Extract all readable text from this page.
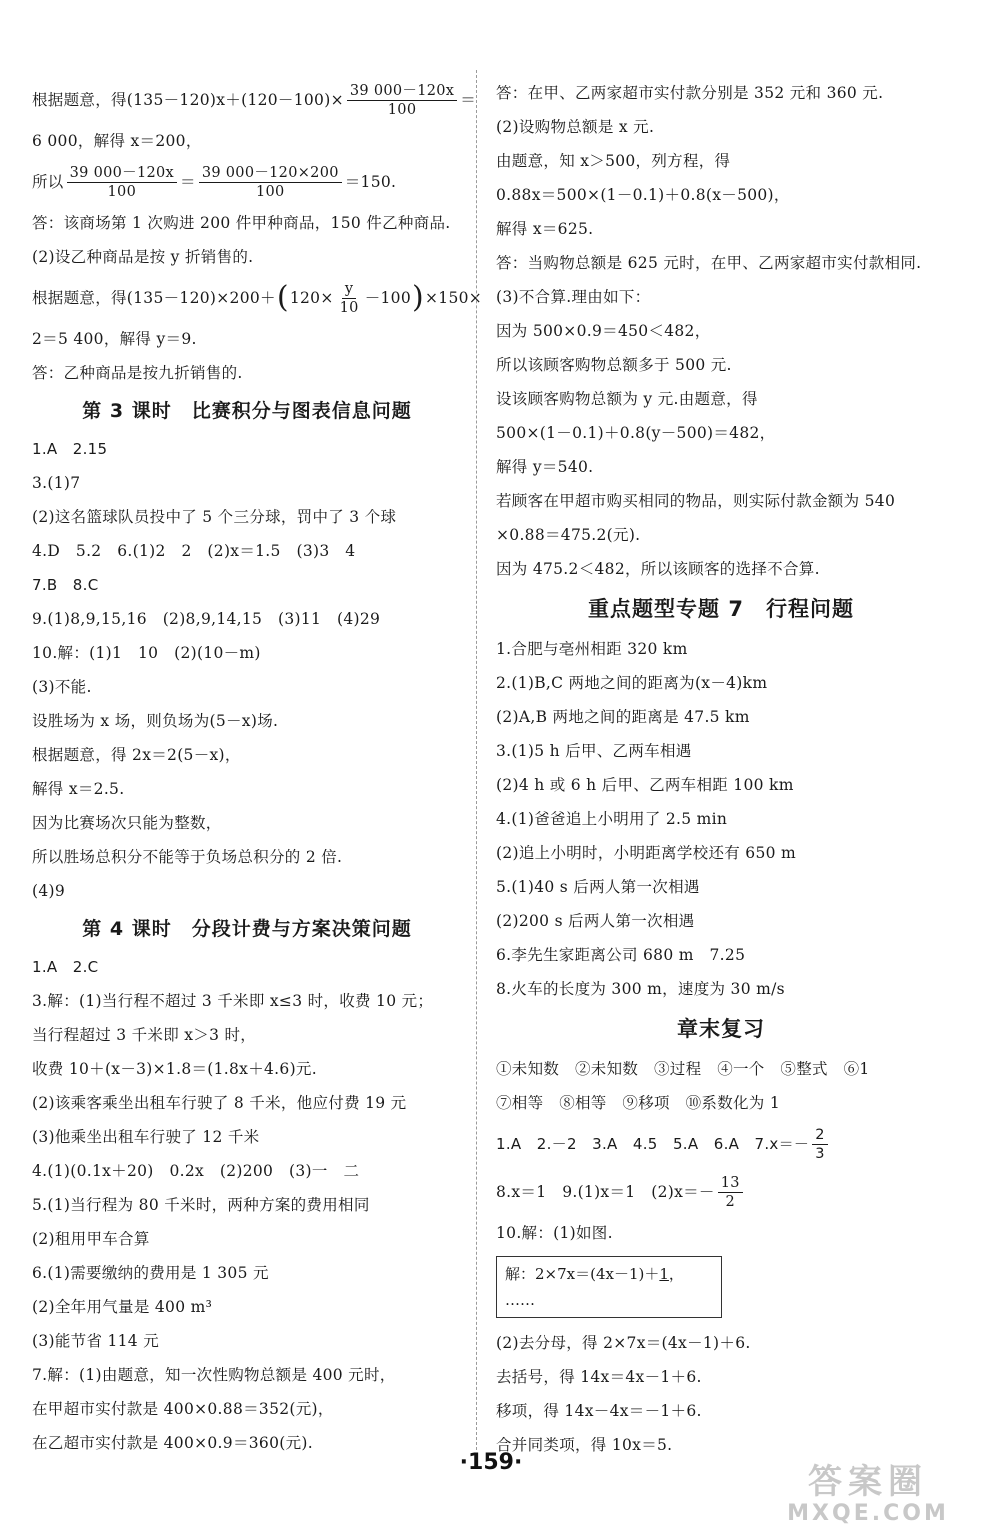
根据题意，得$(135-120)x+(120-100)\times \frac{39 000-120x}{100}$ ＝
6 000，解得 x＝200，
所以 $\frac{39 000-120x}{100} = \frac{39 000-120\times 200}{100} =150$.
答：该商场第 1 次购进 200 件甲种商品，150 件乙种商品.
(2)设乙种商品是按 y 折销售的.
根据题意，得(135－120)×200＋ ( $120\times \frac{y}{10} -100$ ) ×150×
2＝5 400，解得 y＝9.
答：乙种商品是按九折销售的.
第 3 课时　比赛积分与图表信息问题
1.A　2.15
3.(1)7
(2)这名篮球队员投中了 5 个三分球，罚中了 3 个球
4.D　5.2　6.(1)2　2　(2)x＝1.5　(3)3　4
7.B　8.C
9.(1)8,9,15,16　(2)8,9,14,15　(3)11　(4)29
10.解：(1)1　10　(2)(10－m)
(3)不能.
设胜场为 x 场，则负场为(5－x)场.
根据题意，得 2x＝2(5－x)，
解得 x＝2.5.
因为比赛场次只能为整数，
所以胜场总积分不能等于负场总积分的 2 倍.
(4)9
第 4 课时　分段计费与方案决策问题
1.A　2.C
3.解：(1)当行程不超过 3 千米即 x≤3 时，收费 10 元；
当行程超过 3 千米即 x＞3 时，
收费 10＋(x－3)×1.8＝(1.8x＋4.6)元.
(2)该乘客乘坐出租车行驶了 8 千米，他应付费 19 元
(3)他乘坐出租车行驶了 12 千米
4.(1)(0.1x＋20)　0.2x　(2)200　(3)一　二
5.(1)当行程为 80 千米时，两种方案的费用相同
(2)租用甲车合算
6.(1)需要缴纳的费用是 1 305 元
(2)全年用气量是 400 m³
(3)能节省 114 元
7.解：(1)由题意，知一次性购物总额是 400 元时，
在甲超市实付款是 400×0.88＝352(元)，
在乙超市实付款是 400×0.9＝360(元).
答：在甲、乙两家超市实付款分别是 352 元和 360 元.
(2)设购物总额是 x 元.
由题意，知 x＞500，列方程，得
0.88x＝500×(1－0.1)＋0.8(x－500)，
解得 x＝625.
答：当购物总额是 625 元时，在甲、乙两家超市实付款相同.
(3)不合算.理由如下：
因为 500×0.9＝450＜482，
所以该顾客购物总额多于 500 元.
设该顾客购物总额为 y 元.由题意，得
500×(1－0.1)＋0.8(y－500)＝482，
解得 y＝540.
若顾客在甲超市购买相同的物品，则实际付款金额为 540
×0.88＝475.2(元).
因为 475.2＜482，所以该顾客的选择不合算.
重点题型专题 7　行程问题
1.合肥与亳州相距 320 km
2.(1)B,C 两地之间的距离为(x－4)km
(2)A,B 两地之间的距离是 47.5 km
3.(1)5 h 后甲、乙两车相遇
(2)4 h 或 6 h 后甲、乙两车相距 100 km
4.(1)爸爸追上小明用了 2.5 min
(2)追上小明时，小明距离学校还有 650 m
5.(1)40 s 后两人第一次相遇
(2)200 s 后两人第一次相遇
6.李先生家距离公司 680 m　7.25
8.火车的长度为 300 m，速度为 30 m/s
章末复习
①未知数　②未知数　③过程　④一个　⑤整式　⑥1
⑦相等　⑧相等　⑨移项　⑩系数化为 1
1.A　2.－2　3.A　4.5　5.A　6.A　$7.x=- \frac{2}{3}$
8.x＝1　9.(1)x＝1　$(2)x=- \frac{13}{2}$
10.解：(1)如图.
解：2×7x＝(4x－1)＋1，
……
(2)去分母，得 2×7x＝(4x－1)＋6.
去括号，得 14x＝4x－1＋6.
移项，得 14x－4x＝－1＋6.
合并同类项，得 10x＝5.
·159·	答案圈
MXQE.COM
